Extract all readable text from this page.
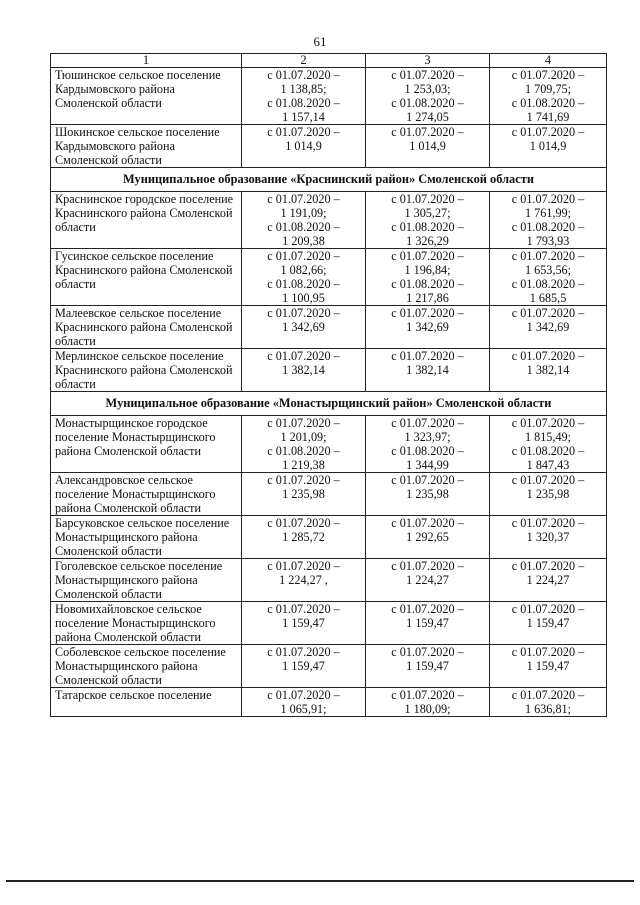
61
1	2	3	4
Тюшинское сельское поселение Кардымовского района Смоленской области	с 01.07.2020 –
1 138,85;
с 01.08.2020 –
1 157,14	с 01.07.2020 –
1 253,03;
с 01.08.2020 –
1 274,05	с 01.07.2020 –
1 709,75;
с 01.08.2020 –
1 741,69

Шокинское сельское поселение Кардымовского района Смоленской области	с 01.07.2020 –
1 014,9	с 01.07.2020 –
1 014,9	с 01.07.2020 –
1 014,9

Муниципальное образование «Краснинский район» Смоленской области			
Краснинское городское поселение Краснинского района Смоленской области	с 01.07.2020 –
1 191,09;
с 01.08.2020 –
1 209,38	с 01.07.2020 –
1 305,27;
с 01.08.2020 –
1 326,29	с 01.07.2020 –
1 761,99;
с 01.08.2020 –
1 793,93

Гусинское сельское поселение Краснинского района Смоленской области	с 01.07.2020 –
1 082,66;
с 01.08.2020 –
1 100,95	с 01.07.2020 –
1 196,84;
с 01.08.2020 –
1 217,86	с 01.07.2020 –
1 653,56;
с 01.08.2020 –
1 685,5

Малеевское сельское поселение Краснинского района Смоленской области	с 01.07.2020 –
1 342,69	с 01.07.2020 –
1 342,69	с 01.07.2020 –
1 342,69

Мерлинское сельское поселение Краснинского района Смоленской области	с 01.07.2020 –
1 382,14	с 01.07.2020 –
1 382,14	с 01.07.2020 –
1 382,14

Муниципальное образование «Монастырщинский район» Смоленской области			
Монастырщинское городское поселение Монастырщинского района Смоленской области	с 01.07.2020 –
1 201,09;
с 01.08.2020 –
1 219,38	с 01.07.2020 –
1 323,97;
с 01.08.2020 –
1 344,99	с 01.07.2020 –
1 815,49;
с 01.08.2020 –
1 847,43

Александровское сельское поселение Монастырщинского района Смоленской области	с 01.07.2020 –
1 235,98	с 01.07.2020 –
1 235,98	с 01.07.2020 –
1 235,98

Барсуковское сельское поселение Монастырщинского района Смоленской области	с 01.07.2020 –
1 285,72	с 01.07.2020 –
1 292,65	с 01.07.2020 –
1 320,37

Гоголевское сельское поселение Монастырщинского района Смоленской области	с 01.07.2020 –
1 224,27 ,	с 01.07.2020 –
1 224,27	с 01.07.2020 –
1 224,27

Новомихайловское сельское поселение Монастырщинского района Смоленской области	с 01.07.2020 –
1 159,47	с 01.07.2020 –
1 159,47	с 01.07.2020 –
1 159,47

Соболевское сельское поселение Монастырщинского района Смоленской области	с 01.07.2020 –
1 159,47	с 01.07.2020 –
1 159,47	с 01.07.2020 –
1 159,47

Татарское сельское поселение	с 01.07.2020 –
1 065,91;	с 01.07.2020 –
1 180,09;	с 01.07.2020 –
1 636,81;
